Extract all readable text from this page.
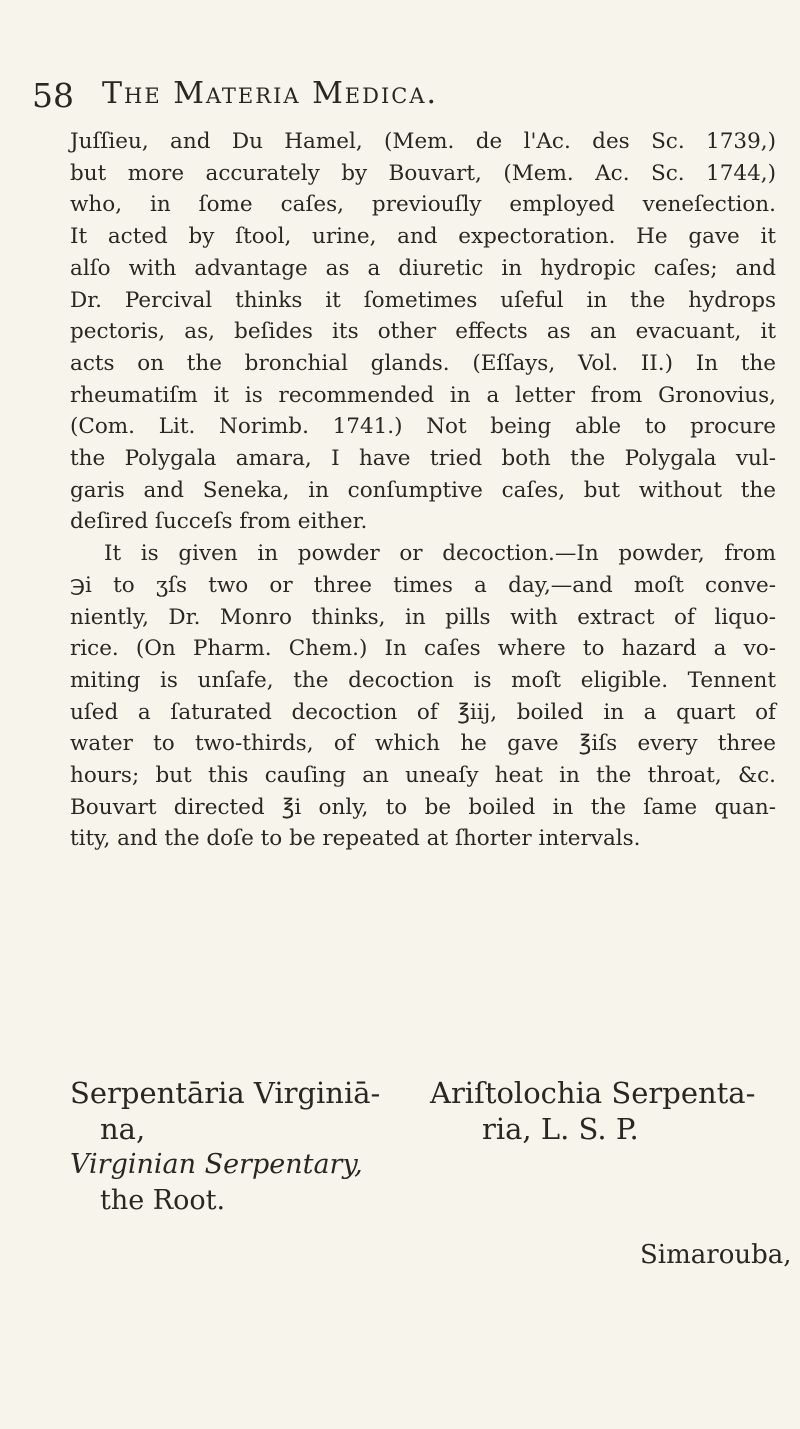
58 The Materia Medica.
Juſſieu, and Du Hamel, (Mem. de l'Ac. des Sc. 1739,)
but more accurately by Bouvart, (Mem. Ac. Sc. 1744,)
who, in ſome caſes, previouſly employed veneſection.
It acted by ſtool, urine, and expectoration. He gave it
alſo with advantage as a diuretic in hydropic caſes; and
Dr. Percival thinks it ſometimes uſeful in the hydrops
pectoris, as, beſides its other effects as an evacuant, it
acts on the bronchial glands. (Eſſays, Vol. II.) In the
rheumatiſm it is recommended in a letter from Gronovius,
(Com. Lit. Norimb. 1741.) Not being able to procure
the Polygala amara, I have tried both the Polygala vul-
garis and Seneka, in conſumptive caſes, but without the
deſired ſucceſs from either.
It is given in powder or decoction.—In powder, from
℈i to ʒſs two or three times a day,—and moſt conve-
niently, Dr. Monro thinks, in pills with extract of liquo-
rice. (On Pharm. Chem.) In caſes where to hazard a vo-
miting is unſafe, the decoction is moſt eligible. Tennent
uſed a ſaturated decoction of ℥iij, boiled in a quart of
water to two-thirds, of which he gave ℥iſs every three
hours; but this cauſing an uneaſy heat in the throat, &c.
Bouvart directed ℥i only, to be boiled in the ſame quan-
tity, and the doſe to be repeated at ſhorter intervals.
Serpentāria Virginiā-
na,
Virginian Serpentary,
the Root.
Ariſtolochia Serpenta-
ria, L. S. P.
Simarouba,
